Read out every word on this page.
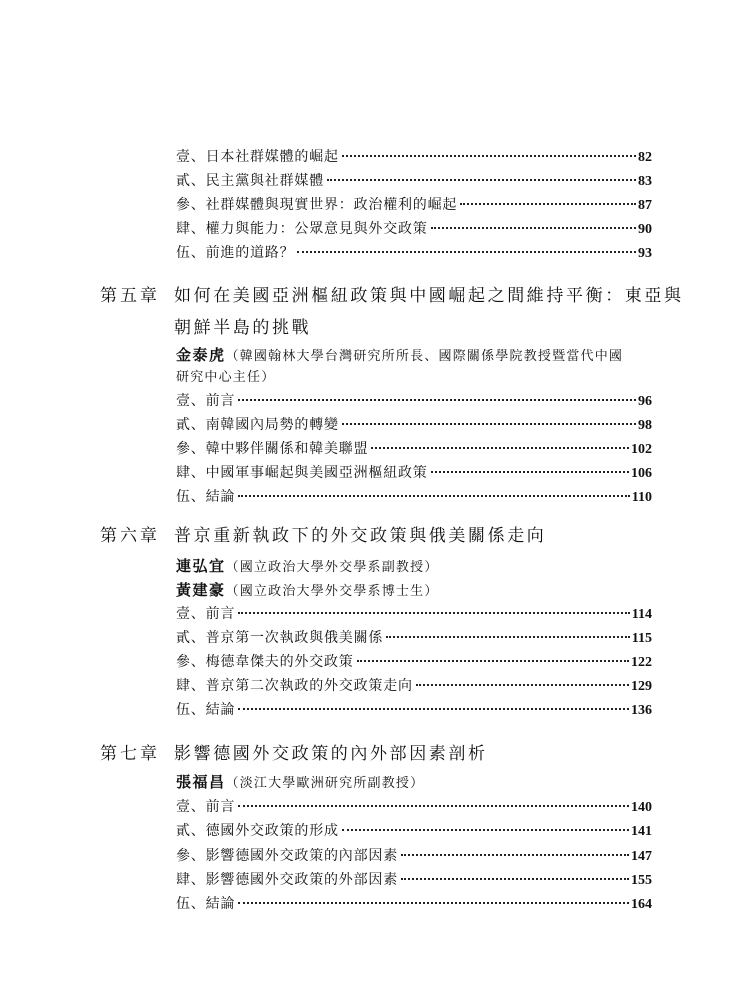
壹、日本社群媒體的崛起	82
貳、民主黨與社群媒體	83
參、社群媒體與現實世界：政治權利的崛起	87
肆、權力與能力：公眾意見與外交政策	90
伍、前進的道路？	93
第五章 如何在美國亞洲樞紐政策與中國崛起之間維持平衡：東亞與
朝鮮半島的挑戰
金泰虎（韓國翰林大學台灣研究所所長、國際關係學院教授暨當代中國
研究中心主任）
壹、前言	96
貳、南韓國內局勢的轉變	98
參、韓中夥伴關係和韓美聯盟	102
肆、中國軍事崛起與美國亞洲樞紐政策	106
伍、結論	110
第六章 普京重新執政下的外交政策與俄美關係走向
連弘宜（國立政治大學外交學系副教授）
黃建豪（國立政治大學外交學系博士生）
壹、前言	114
貳、普京第一次執政與俄美關係	115
參、梅德韋傑夫的外交政策	122
肆、普京第二次執政的外交政策走向	129
伍、結論	136
第七章 影響德國外交政策的內外部因素剖析
張福昌（淡江大學歐洲研究所副教授）
壹、前言	140
貳、德國外交政策的形成	141
參、影響德國外交政策的內部因素	147
肆、影響德國外交政策的外部因素	155
伍、結論	164
